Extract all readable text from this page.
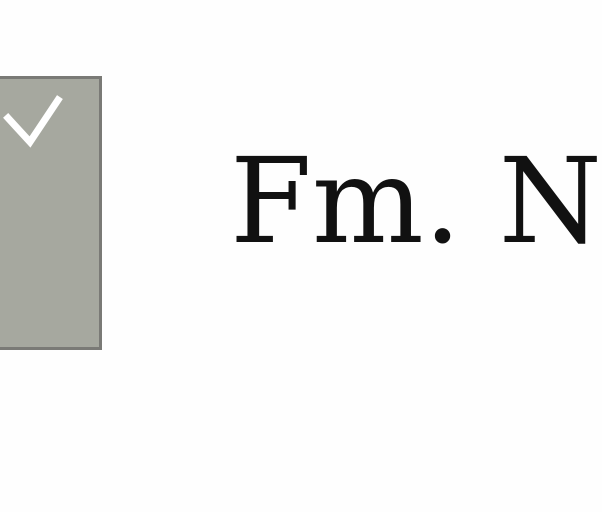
Fm. N
